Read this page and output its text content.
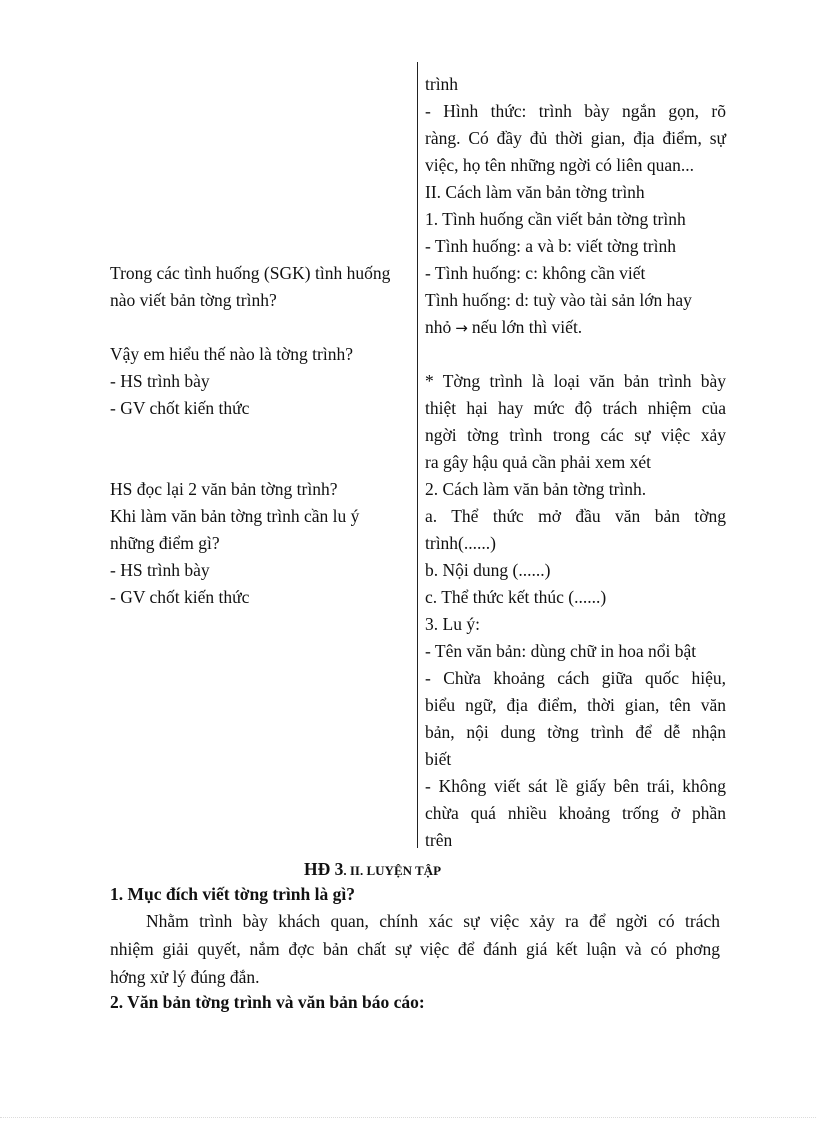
trình
- Hình thức: trình bày ngắn gọn, rõ
ràng. Có đầy đủ thời gian, địa điểm, sự
việc, họ tên những ngời có liên quan...
II. Cách làm văn bản tờng trình
1. Tình huống cần viết bản tờng trình
- Tình huống: a và b: viết tờng trình
- Tình huống: c: không cần viết
Tình huống: d: tuỳ vào tài sản lớn hay
nhỏ → nếu lớn thì viết.
* Tờng trình là loại văn bản trình bày
thiệt hại hay mức độ trách nhiệm của
ngời tờng trình trong các sự việc xảy
ra gây hậu quả cần phải xem xét
2. Cách làm văn bản tờng trình.
a. Thể thức mở đầu văn bản tờng
trình(......)
b. Nội dung (......)
c. Thể thức kết thúc (......)
3. Lu ý:
- Tên văn bản: dùng chữ in hoa nổi bật
- Chừa khoảng cách giữa quốc hiệu,
biểu ngữ, địa điểm, thời gian, tên văn
bản, nội dung tờng trình để dễ nhận
biết
- Không viết sát lề giấy bên trái, không
chừa quá nhiều khoảng trống ở phần
trên
Trong các tình huống (SGK) tình huống
nào viết bản tờng trình?
Vậy em hiểu thế nào là tờng trình?
- HS trình bày
- GV chốt kiến thức
HS đọc lại 2 văn bản tờng trình?
Khi làm văn bản tờng trình cần lu ý
những điểm gì?
- HS trình bày
- GV chốt kiến thức
HĐ 3. II. LUYỆN TẬP
1. Mục đích viết tờng trình là gì?
Nhằm trình bày khách quan, chính xác sự việc xảy ra để ngời có trách
nhiệm giải quyết, nắm đợc bản chất sự việc để đánh giá kết luận và có phơng
hớng xử lý đúng đắn.
2. Văn bản tờng trình và văn bản báo cáo:
